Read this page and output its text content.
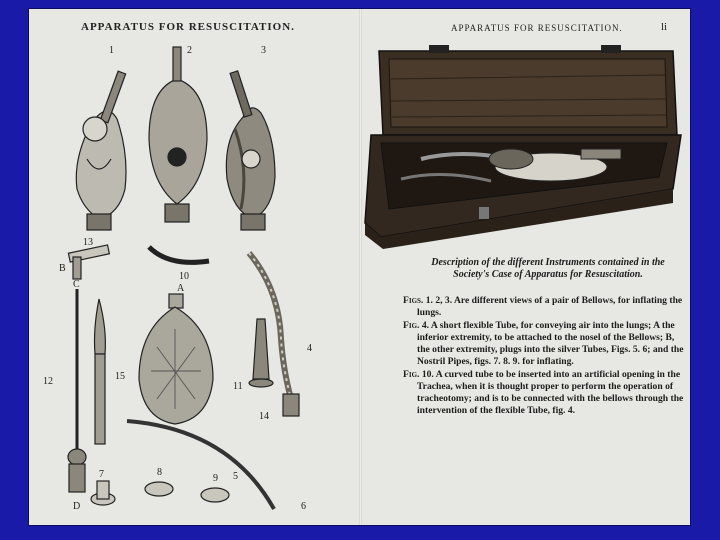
APPARATUS FOR RESUSCITATION.
1	2	3
13
10
11
12	15
14
5
7	8
9
4
6
A
B
C
D
APPARATUS FOR RESUSCITATION.	li
Description of the different Instruments contained in the Society's Case of Apparatus for Resuscitation.

Figs. 1. 2, 3. Are different views of a pair of Bellows, for inflating the lungs.

Fig. 4. A short flexible Tube, for conveying air into the lungs; A the inferior extremity, to be attached to the nosel of the Bellows; B, the other extremity, plugs into the silver Tubes, Figs. 5. 6; and the Nostril Pipes, figs. 7. 8. 9. for inflating.

Fig. 10. A curved tube to be inserted into an artificial opening in the Trachea, when it is thought proper to perform the operation of tracheotomy; and is to be connected with the bellows through the intervention of the flexible Tube, fig. 4.
